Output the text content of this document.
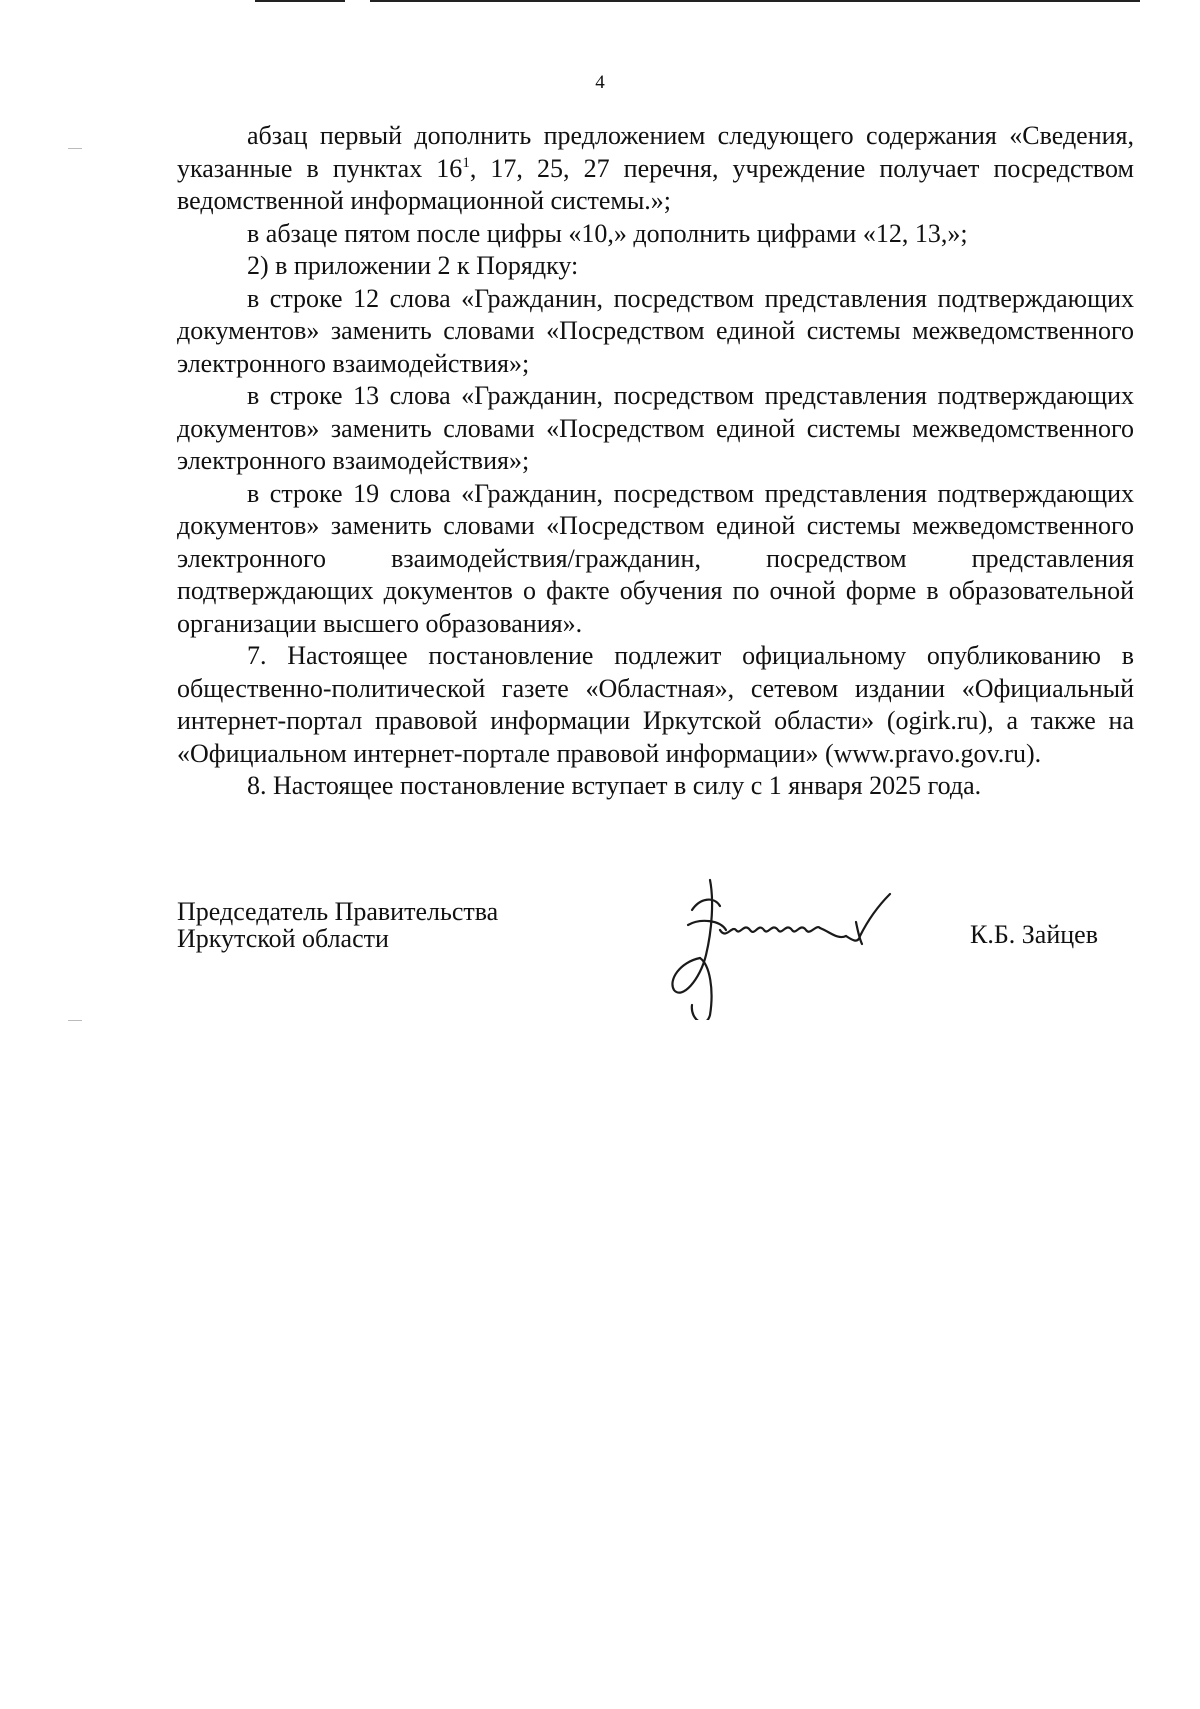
4

абзац первый дополнить предложением следующего содержания «Сведения, указанные в пунктах $16^1$, 17, 25, 27 перечня, учреждение получает посредством ведомственной информационной системы.»;

в абзаце пятом после цифры «10,» дополнить цифрами «12, 13,»;

2) в приложении 2 к Порядку:

в строке 12 слова «Гражданин, посредством представления подтверждающих документов» заменить словами «Посредством единой системы межведомственного электронного взаимодействия»;

в строке 13 слова «Гражданин, посредством представления подтверждающих документов» заменить словами «Посредством единой системы межведомственного электронного взаимодействия»;

в строке 19 слова «Гражданин, посредством представления подтверждающих документов» заменить словами «Посредством единой системы межведомственного электронного взаимодействия/гражданин, посредством представления подтверждающих документов о факте обучения по очной форме в образовательной организации высшего образования».

7. Настоящее постановление подлежит официальному опубликованию в общественно-политической газете «Областная», сетевом издании «Официальный интернет-портал правовой информации Иркутской области» (ogirk.ru), а также на «Официальном интернет-портале правовой информации» (www.pravo.gov.ru).

8. Настоящее постановление вступает в силу с 1 января 2025 года.

Председатель Правительства
Иркутской области	К.Б. Зайцев
